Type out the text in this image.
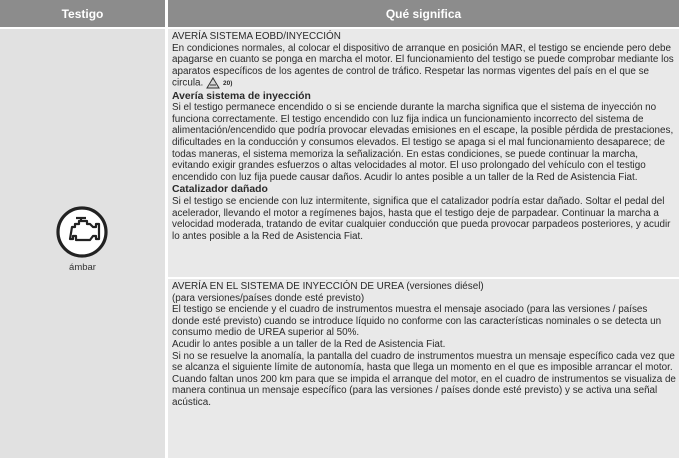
Testigo	Qué significa
ámbar

AVERÍA SISTEMA EOBD/INYECCIÓN

En condiciones normales, al colocar el dispositivo de arranque en posición MAR, el testigo se enciende pero debe apagarse en cuanto se ponga en marcha el motor. El funcionamiento del testigo se puede comprobar mediante los aparatos específicos de los agentes de control de tráfico. Respetar las normas vigentes del país en el que se circula.	20)

Avería sistema de inyección

Si el testigo permanece encendido o si se enciende durante la marcha significa que el sistema de inyección no funciona correctamente. El testigo encendido con luz fija indica un funcionamiento incorrecto del sistema de alimentación/encendido que podría provocar elevadas emisiones en el escape, la posible pérdida de prestaciones, dificultades en la conducción y consumos elevados. El testigo se apaga si el mal funcionamiento desaparece; de todas maneras, el sistema memoriza la señalización. En estas condiciones, se puede continuar la marcha, evitando exigir grandes esfuerzos o altas velocidades al motor. El uso prolongado del vehículo con el testigo encendido con luz fija puede causar daños. Acudir lo antes posible a un taller de la Red de Asistencia Fiat.

Catalizador dañado

Si el testigo se enciende con luz intermitente, significa que el catalizador podría estar dañado. Soltar el pedal del acelerador, llevando el motor a regímenes bajos, hasta que el testigo deje de parpadear. Continuar la marcha a velocidad moderada, tratando de evitar cualquier conducción que pueda provocar parpadeos posteriores, y acudir lo antes posible a la Red de Asistencia Fiat.

AVERÍA EN EL SISTEMA DE INYECCIÓN DE UREA (versiones diésel)

(para versiones/países donde esté previsto)

El testigo se enciende y el cuadro de instrumentos muestra el mensaje asociado (para las versiones / países donde esté previsto) cuando se introduce líquido no conforme con las características nominales o se detecta un consumo medio de UREA superior al 50%.

Acudir lo antes posible a un taller de la Red de Asistencia Fiat.

Si no se resuelve la anomalía, la pantalla del cuadro de instrumentos muestra un mensaje específico cada vez que se alcanza el siguiente límite de autonomía, hasta que llega un momento en el que es imposible arrancar el motor.

Cuando faltan unos 200 km para que se impida el arranque del motor, en el cuadro de instrumentos se visualiza de manera continua un mensaje específico (para las versiones / países donde esté previsto) y se activa una señal acústica.
